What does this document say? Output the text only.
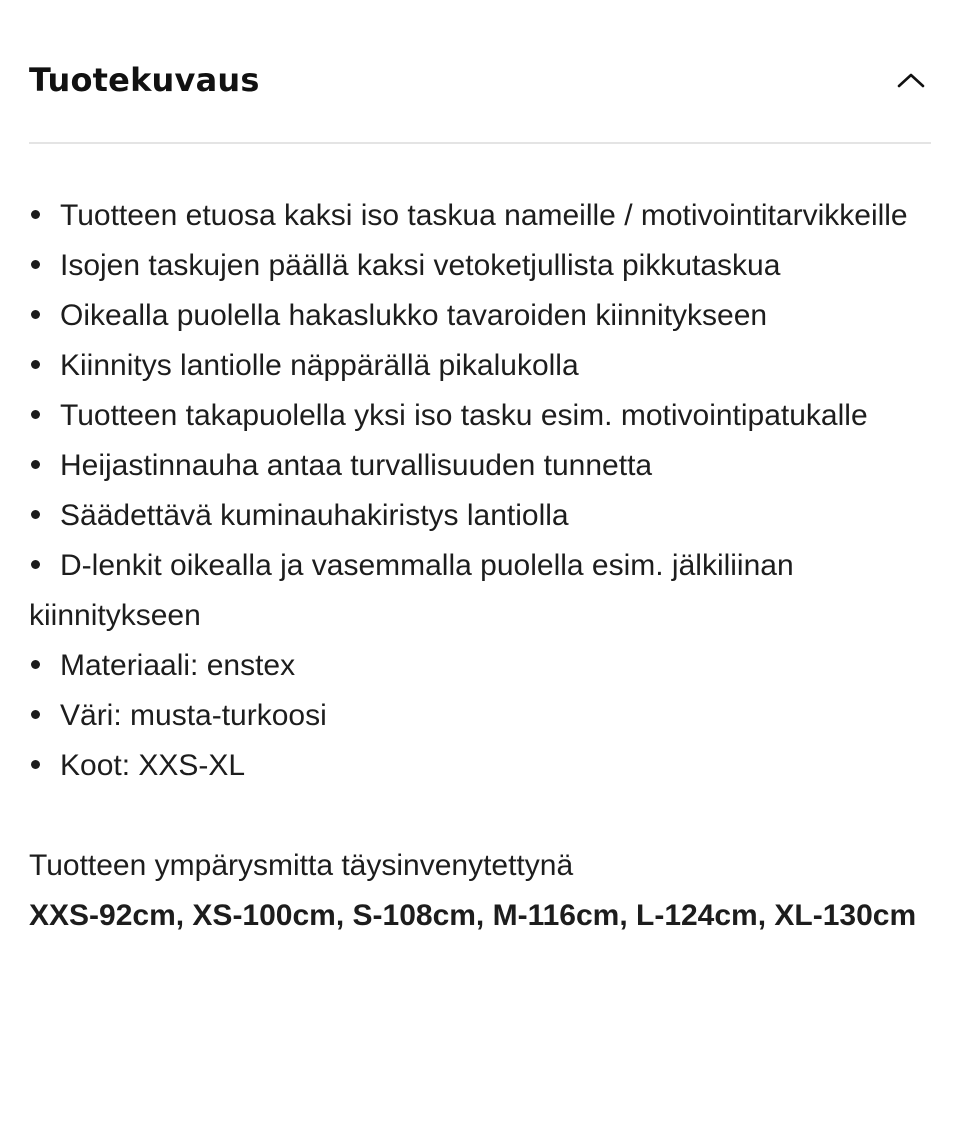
Tuotekuvaus
Tuotteen etuosa kaksi iso taskua nameille / motivointitarvikkeille
Isojen taskujen päällä kaksi vetoketjullista pikkutaskua
Oikealla puolella hakaslukko tavaroiden kiinnitykseen
Kiinnitys lantiolle näppärällä pikalukolla
Tuotteen takapuolella yksi iso tasku esim. motivointipatukalle
Heijastinnauha antaa turvallisuuden tunnetta
Säädettävä kuminauhakiristys lantiolla
D-lenkit oikealla ja vasemmalla puolella esim. jälkiliinan kiinnitykseen
Materiaali: enstex
Väri: musta-turkoosi
Koot: XXS-XL
Tuotteen ympärysmitta täysinvenytettynä
XXS-92cm, XS-100cm, S-108cm, M-116cm, L-124cm, XL-130cm
